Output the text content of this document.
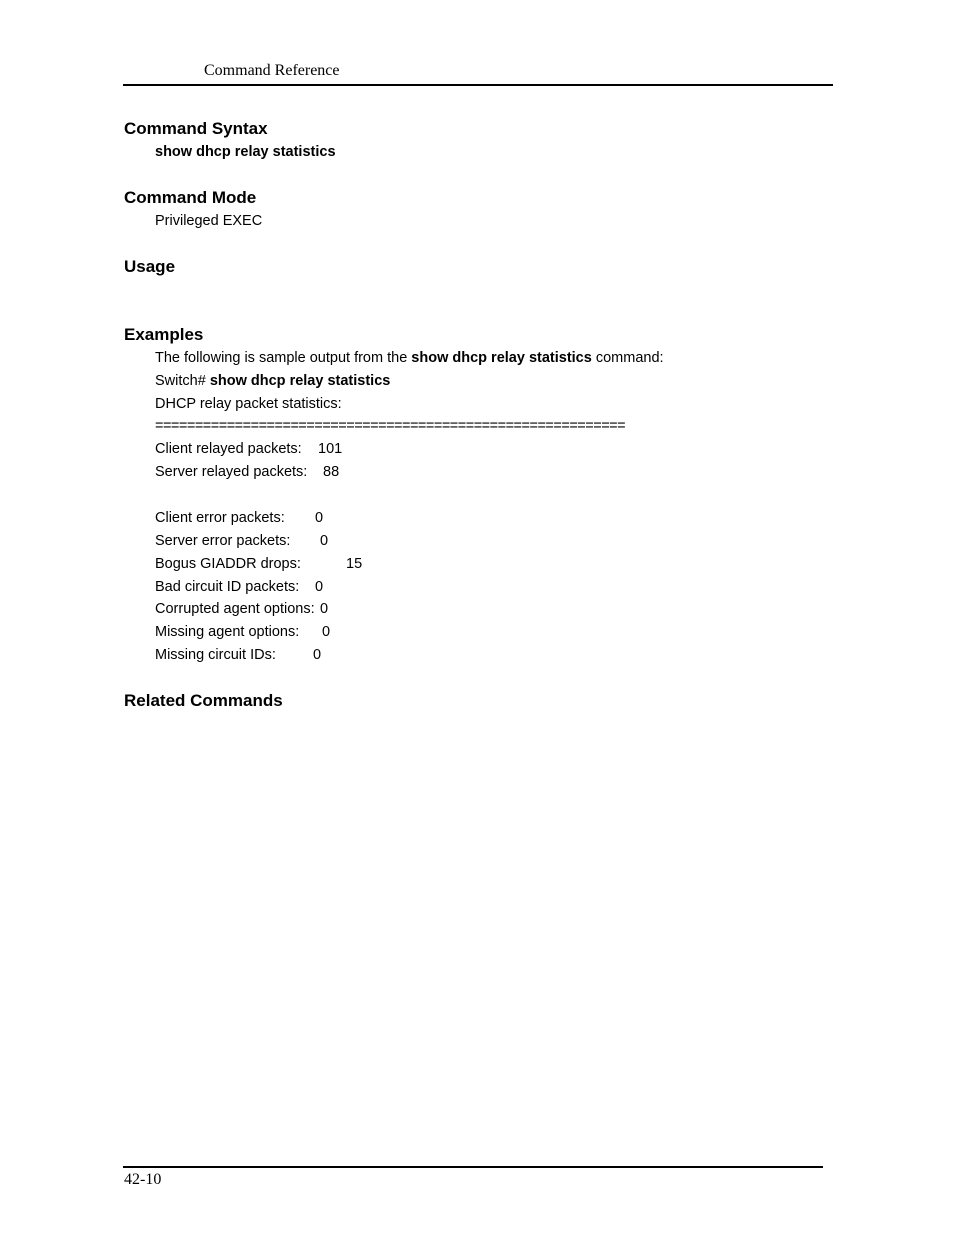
Command Reference
Command Syntax
show dhcp relay statistics
Command Mode
Privileged EXEC
Usage
Examples
The following is sample output from the show dhcp relay statistics command:
Switch# show dhcp relay statistics
DHCP relay packet statistics:
===========================================================
Client relayed packets: 101
Server relayed packets: 88
Client error packets: 0
Server error packets: 0
Bogus GIADDR drops:	15
Bad circuit ID packets: 0
Corrupted agent options: 0
Missing agent options: 0
Missing circuit IDs:	0
Related Commands
42-10
